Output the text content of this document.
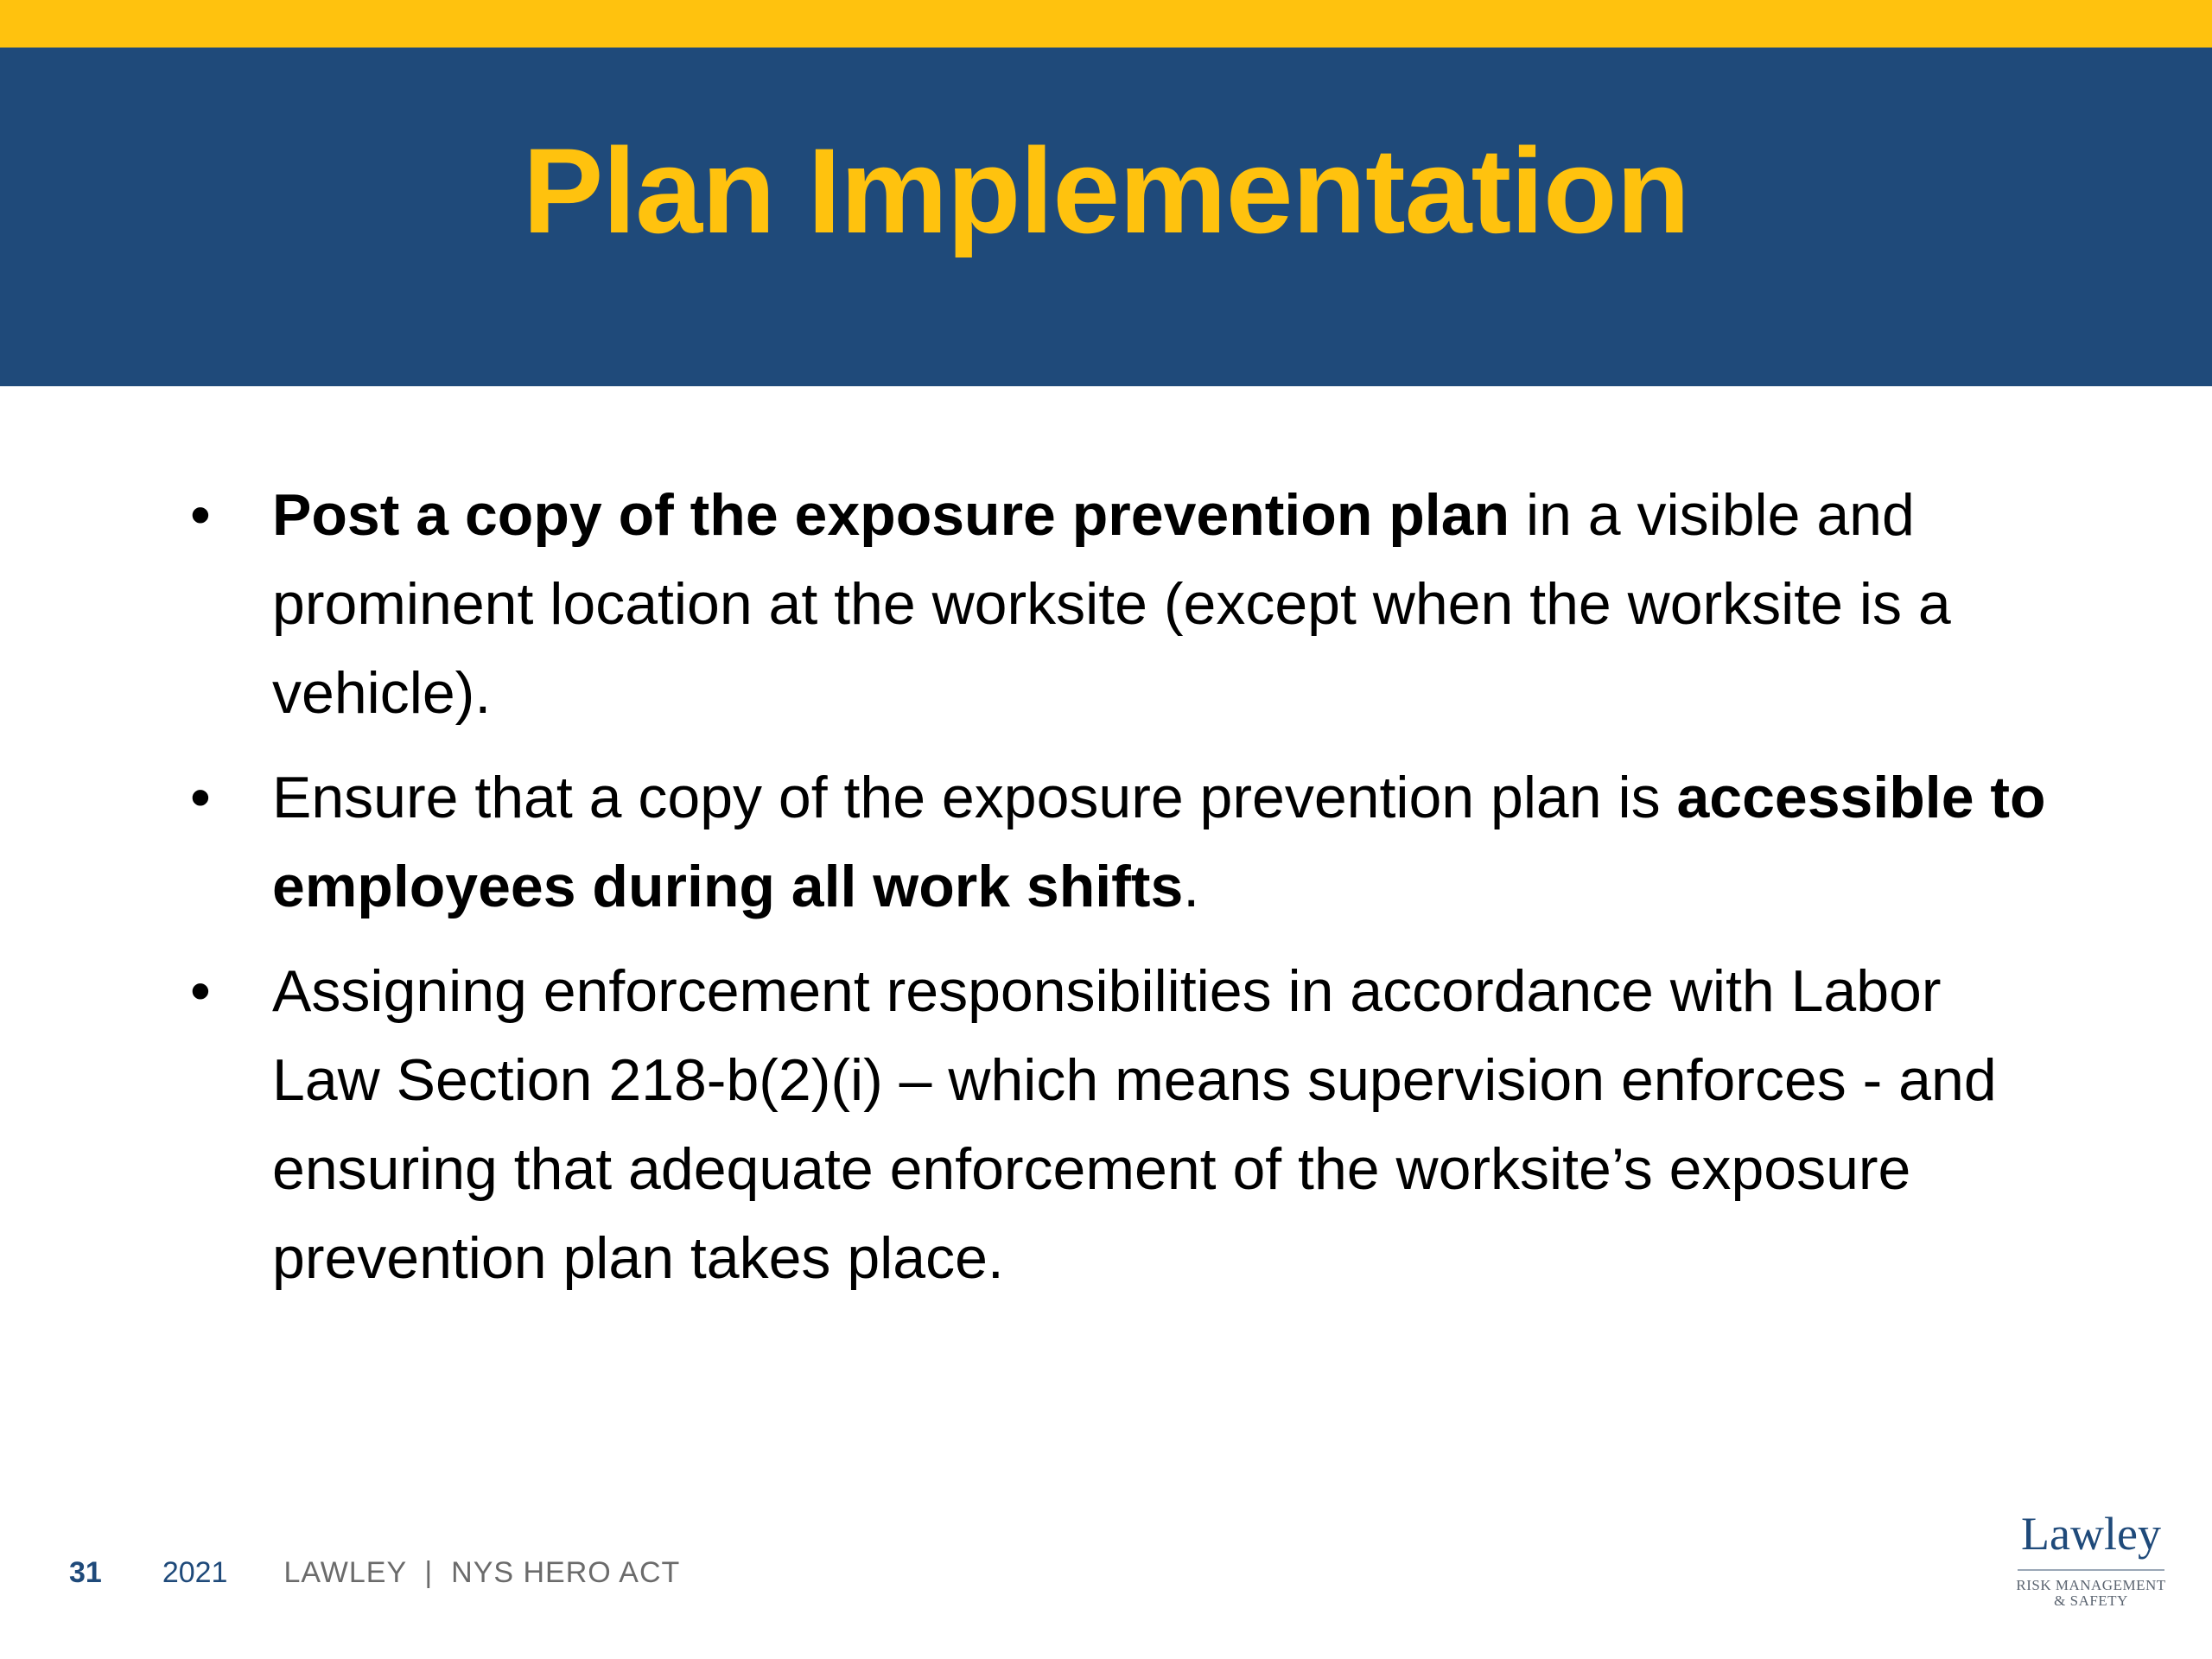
Plan Implementation
• Post a copy of the exposure prevention plan in a visible and prominent location at the worksite (except when the worksite is a vehicle).
• Ensure that a copy of the exposure prevention plan is accessible to employees during all work shifts.
• Assigning enforcement responsibilities in accordance with Labor Law Section 218-b(2)(i) – which means supervision enforces - and ensuring that adequate enforcement of the worksite’s exposure prevention plan takes place.
31 2021 LAWLEY  |  NYS HERO ACT
Lawley
RISK MANAGEMENT
& SAFETY
